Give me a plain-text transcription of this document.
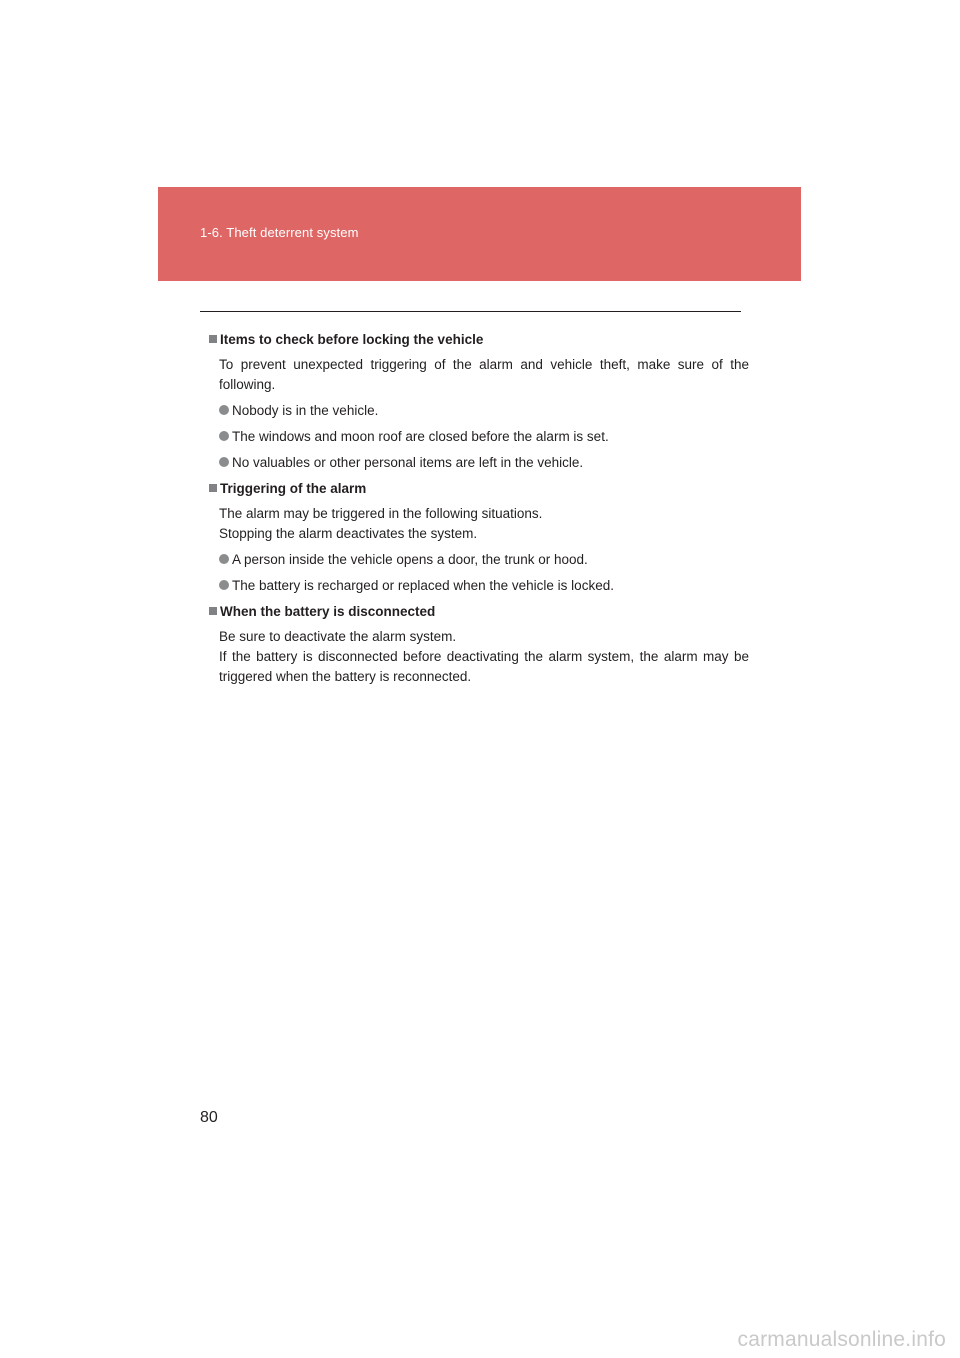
1-6. Theft deterrent system
Items to check before locking the vehicle
To prevent unexpected triggering of the alarm and vehicle theft, make sure of the following.
Nobody is in the vehicle.
The windows and moon roof are closed before the alarm is set.
No valuables or other personal items are left in the vehicle.
Triggering of the alarm
The alarm may be triggered in the following situations.
Stopping the alarm deactivates the system.
A person inside the vehicle opens a door, the trunk or hood.
The battery is recharged or replaced when the vehicle is locked.
When the battery is disconnected
Be sure to deactivate the alarm system.
If the battery is disconnected before deactivating the alarm system, the alarm may be triggered when the battery is reconnected.
80
carmanualsonline.info
